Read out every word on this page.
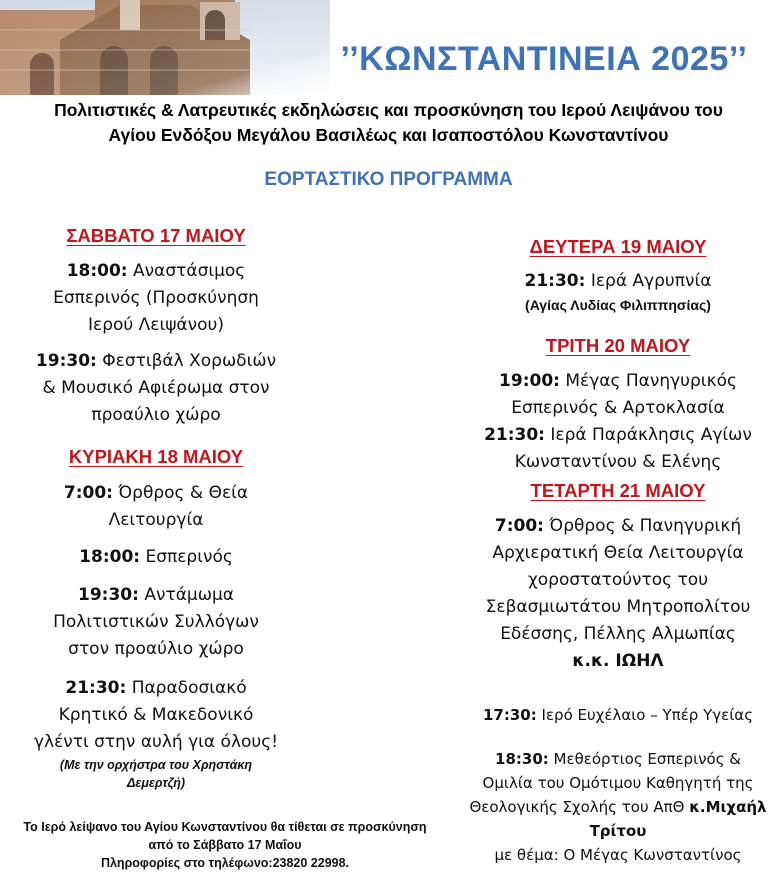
’’ΚΩΝΣΤΑΝΤΙΝΕΙΑ 2025’’
Πολιτιστικές & Λατρευτικές εκδηλώσεις και προσκύνηση του Ιερού Λειψάνου του
Αγίου Ενδόξου Μεγάλου Βασιλέως και Ισαποστόλου Κωνσταντίνου
ΕΟΡΤΑΣΤΙΚΟ ΠΡΟΓΡΑΜΜΑ
ΣΑΒΒΑΤΟ 17 ΜΑΙΟΥ
18:00: Αναστάσιμος
Εσπερινός (Προσκύνηση
Ιερού Λειψάνου)
19:30: Φεστιβάλ Χορωδιών
& Μουσικό Αφιέρωμα στον
προαύλιο χώρο
ΚΥΡΙΑΚΗ 18 ΜΑΙΟΥ
7:00: Όρθρος & Θεία
Λειτουργία
18:00: Εσπερινός
19:30: Αντάμωμα
Πολιτιστικών Συλλόγων
στον προαύλιο χώρο
21:30: Παραδοσιακό
Κρητικό & Μακεδονικό
γλέντι στην αυλή για όλους!
(Με την ορχήστρα του Χρηστάκη
Δεμερτζή)
ΔΕΥΤΕΡΑ 19 ΜΑΙΟΥ
21:30: Ιερά Αγρυπνία
(Αγίας Λυδίας Φιλιππησίας)
ΤΡΙΤΗ 20 ΜΑΙΟΥ
19:00: Μέγας Πανηγυρικός
Εσπερινός & Αρτοκλασία
21:30: Ιερά Παράκλησις Αγίων
Κωνσταντίνου & Ελένης
ΤΕΤΑΡΤΗ 21 ΜΑΙΟΥ
7:00: Όρθρος & Πανηγυρική
Αρχιερατική Θεία Λειτουργία
χοροστατούντος του
Σεβασμιωτάτου Μητροπολίτου
Εδέσσης, Πέλλης Αλμωπίας
κ.κ. ΙΩΗΛ
17:30: Ιερό Ευχέλαιο – Υπέρ Υγείας
18:30: Μεθεόρτιος Εσπερινός &
Ομιλία του Ομότιμου Καθηγητή της
Θεολογικής Σχολής του ΑπΘ κ.Μιχαήλ
Τρίτου
με θέμα: Ο Μέγας Κωνσταντίνος
Το Ιερό λείψανο του Αγίου Κωνσταντίνου θα τίθεται σε προσκύνηση
από το Σάββατο 17 Μαΐου
Πληροφορίες στο τηλέφωνο:23820 22998.
